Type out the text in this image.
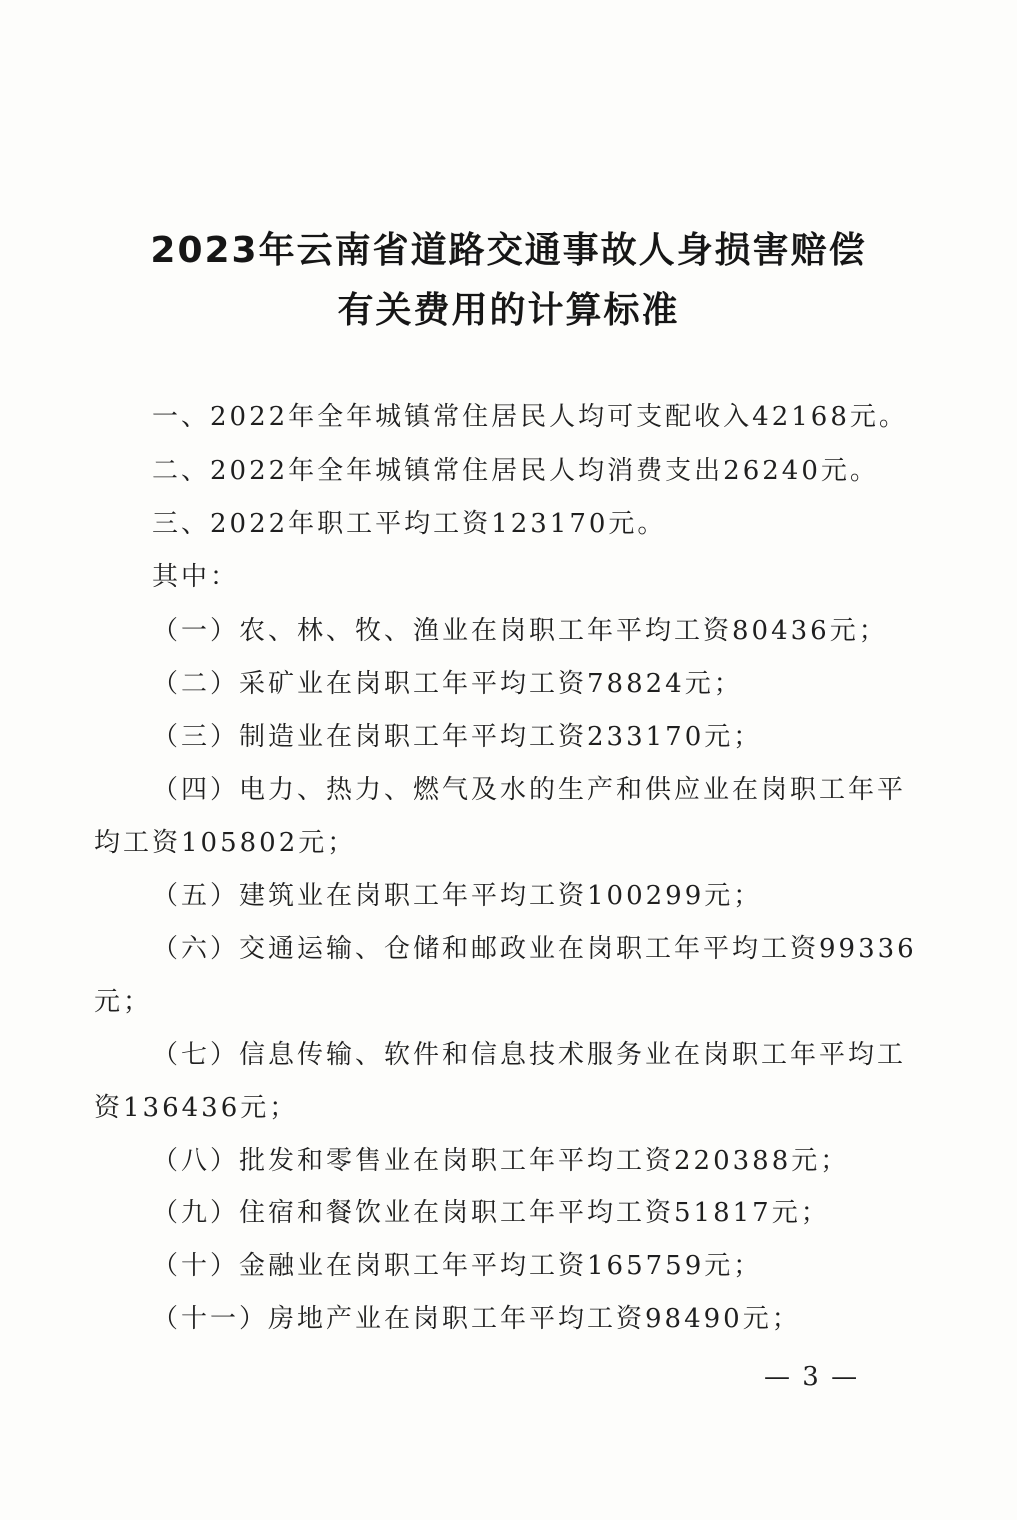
2023年云南省道路交通事故人身损害赔偿
有关费用的计算标准
一、2022年全年城镇常住居民人均可支配收入42168元。
二、2022年全年城镇常住居民人均消费支出26240元。
三、2022年职工平均工资123170元。
其中：
（一）农、林、牧、渔业在岗职工年平均工资80436元；
（二）采矿业在岗职工年平均工资78824元；
（三）制造业在岗职工年平均工资233170元；
（四）电力、热力、燃气及水的生产和供应业在岗职工年平
均工资105802元；
（五）建筑业在岗职工年平均工资100299元；
（六）交通运输、仓储和邮政业在岗职工年平均工资99336
元；
（七）信息传输、软件和信息技术服务业在岗职工年平均工
资136436元；
（八）批发和零售业在岗职工年平均工资220388元；
（九）住宿和餐饮业在岗职工年平均工资51817元；
（十）金融业在岗职工年平均工资165759元；
（十一）房地产业在岗职工年平均工资98490元；
— 3 —
